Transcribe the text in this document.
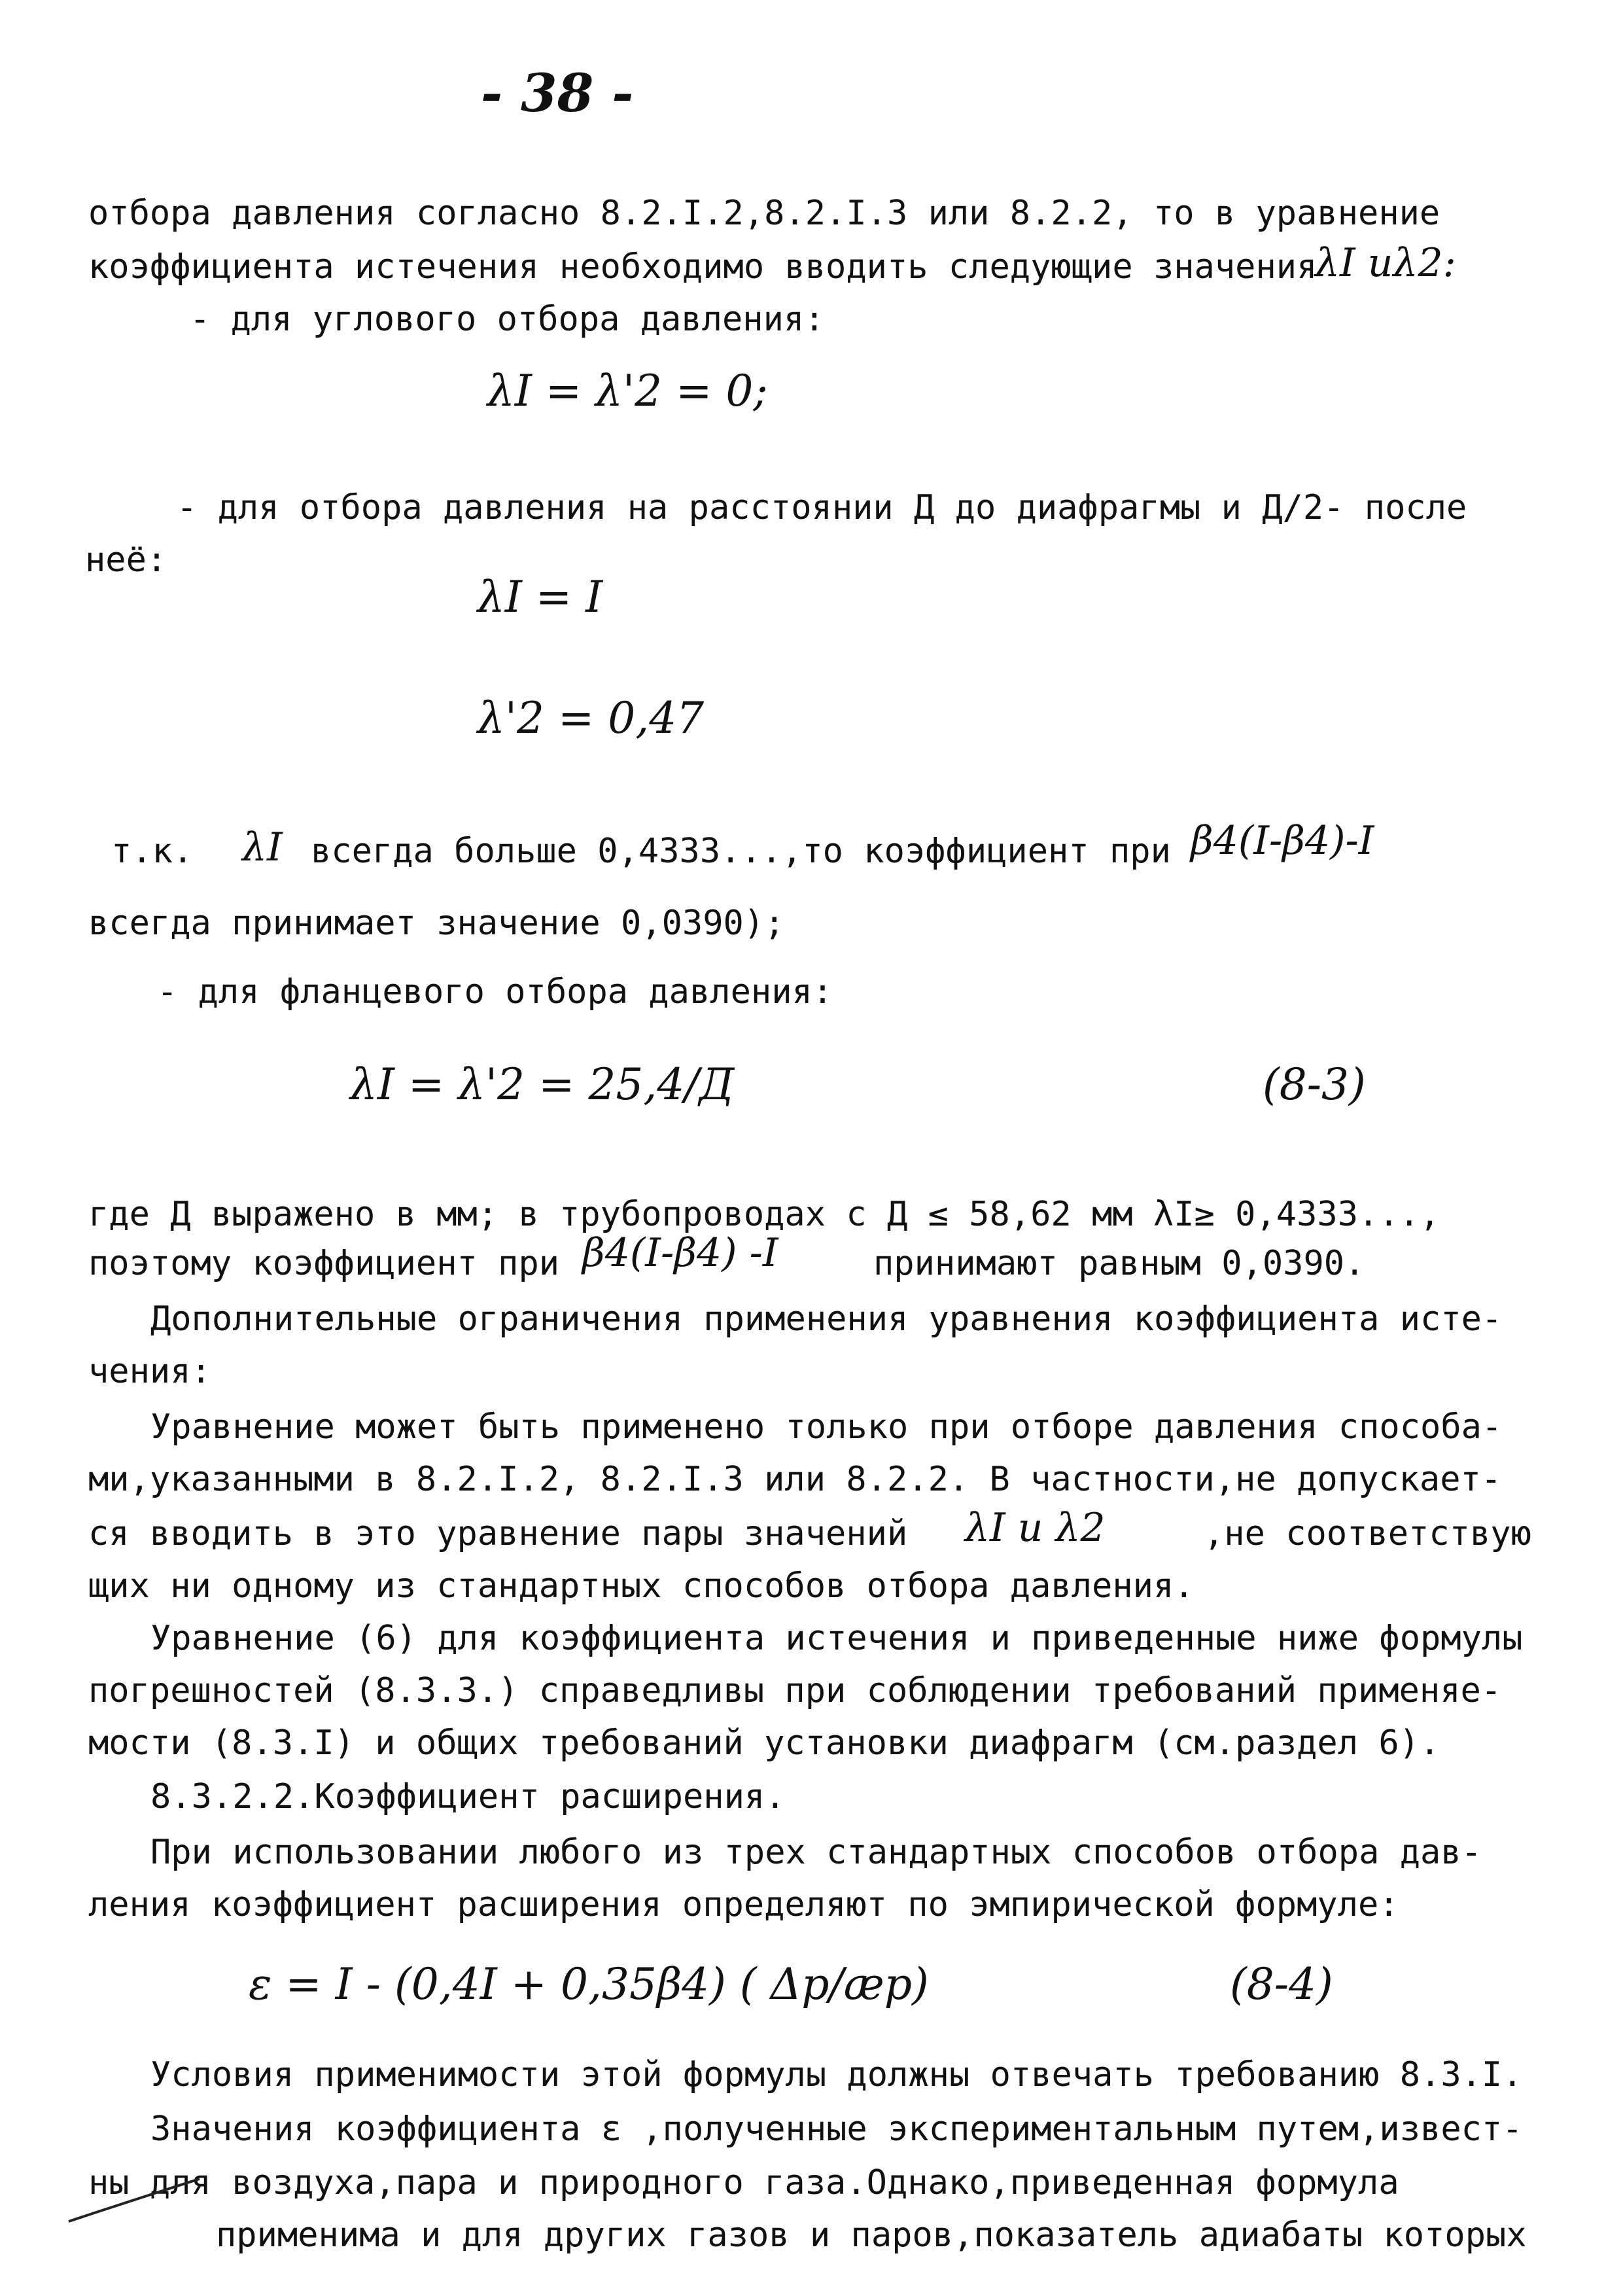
- 38 -
отбора давления согласно 8.2.I.2,8.2.I.3 или 8.2.2, то в уравнение
коэффициента истечения необходимо вводить следующие значения
λI иλ2:
- для углового отбора давления:
λI = λ'2 = 0;
- для отбора давления на расстоянии Д до диафрагмы и Д/2- после
неё:
λI = I
λ'2 = 0,47
т.к. λI всегда больше 0,4333...,то коэффициент при β4(I-β4)-I
всегда принимает значение 0,0390);
- для фланцевого отбора давления:
λI = λ'2 = 25,4/Д	(8-3)
где Д выражено в мм; в трубопроводах с Д ≤ 58,62 мм λI≥ 0,4333...,
поэтому коэффициент при β4(I-β4) -I	принимают равным 0,0390.
Дополнительные ограничения применения уравнения коэффициента исте-
чения:
Уравнение может быть применено только при отборе давления способа-
ми,указанными в 8.2.I.2, 8.2.I.3 или 8.2.2. В частности,не допускает-
ся вводить в это уравнение пары значений λI и λ2	,не соответствую
щих ни одному из стандартных способов отбора давления.
Уравнение (6) для коэффициента истечения и приведенные ниже формулы
погрешностей (8.3.3.) справедливы при соблюдении требований применяе-
мости (8.3.I) и общих требований установки диафрагм (см.раздел 6).
8.3.2.2.Коэффициент расширения.
При использовании любого из трех стандартных способов отбора дав-
ления коэффициент расширения определяют по эмпирической формуле:
ε = I - (0,4I + 0,35β4) ( Δp/æp)	(8-4)
Условия применимости этой формулы должны отвечать требованию 8.3.I.
Значения коэффициента ε ,полученные экспериментальным путем,извест-
ны для воздуха,пара и природного газа.Однако,приведенная формула
применима и для других газов и паров,показатель адиабаты которых
